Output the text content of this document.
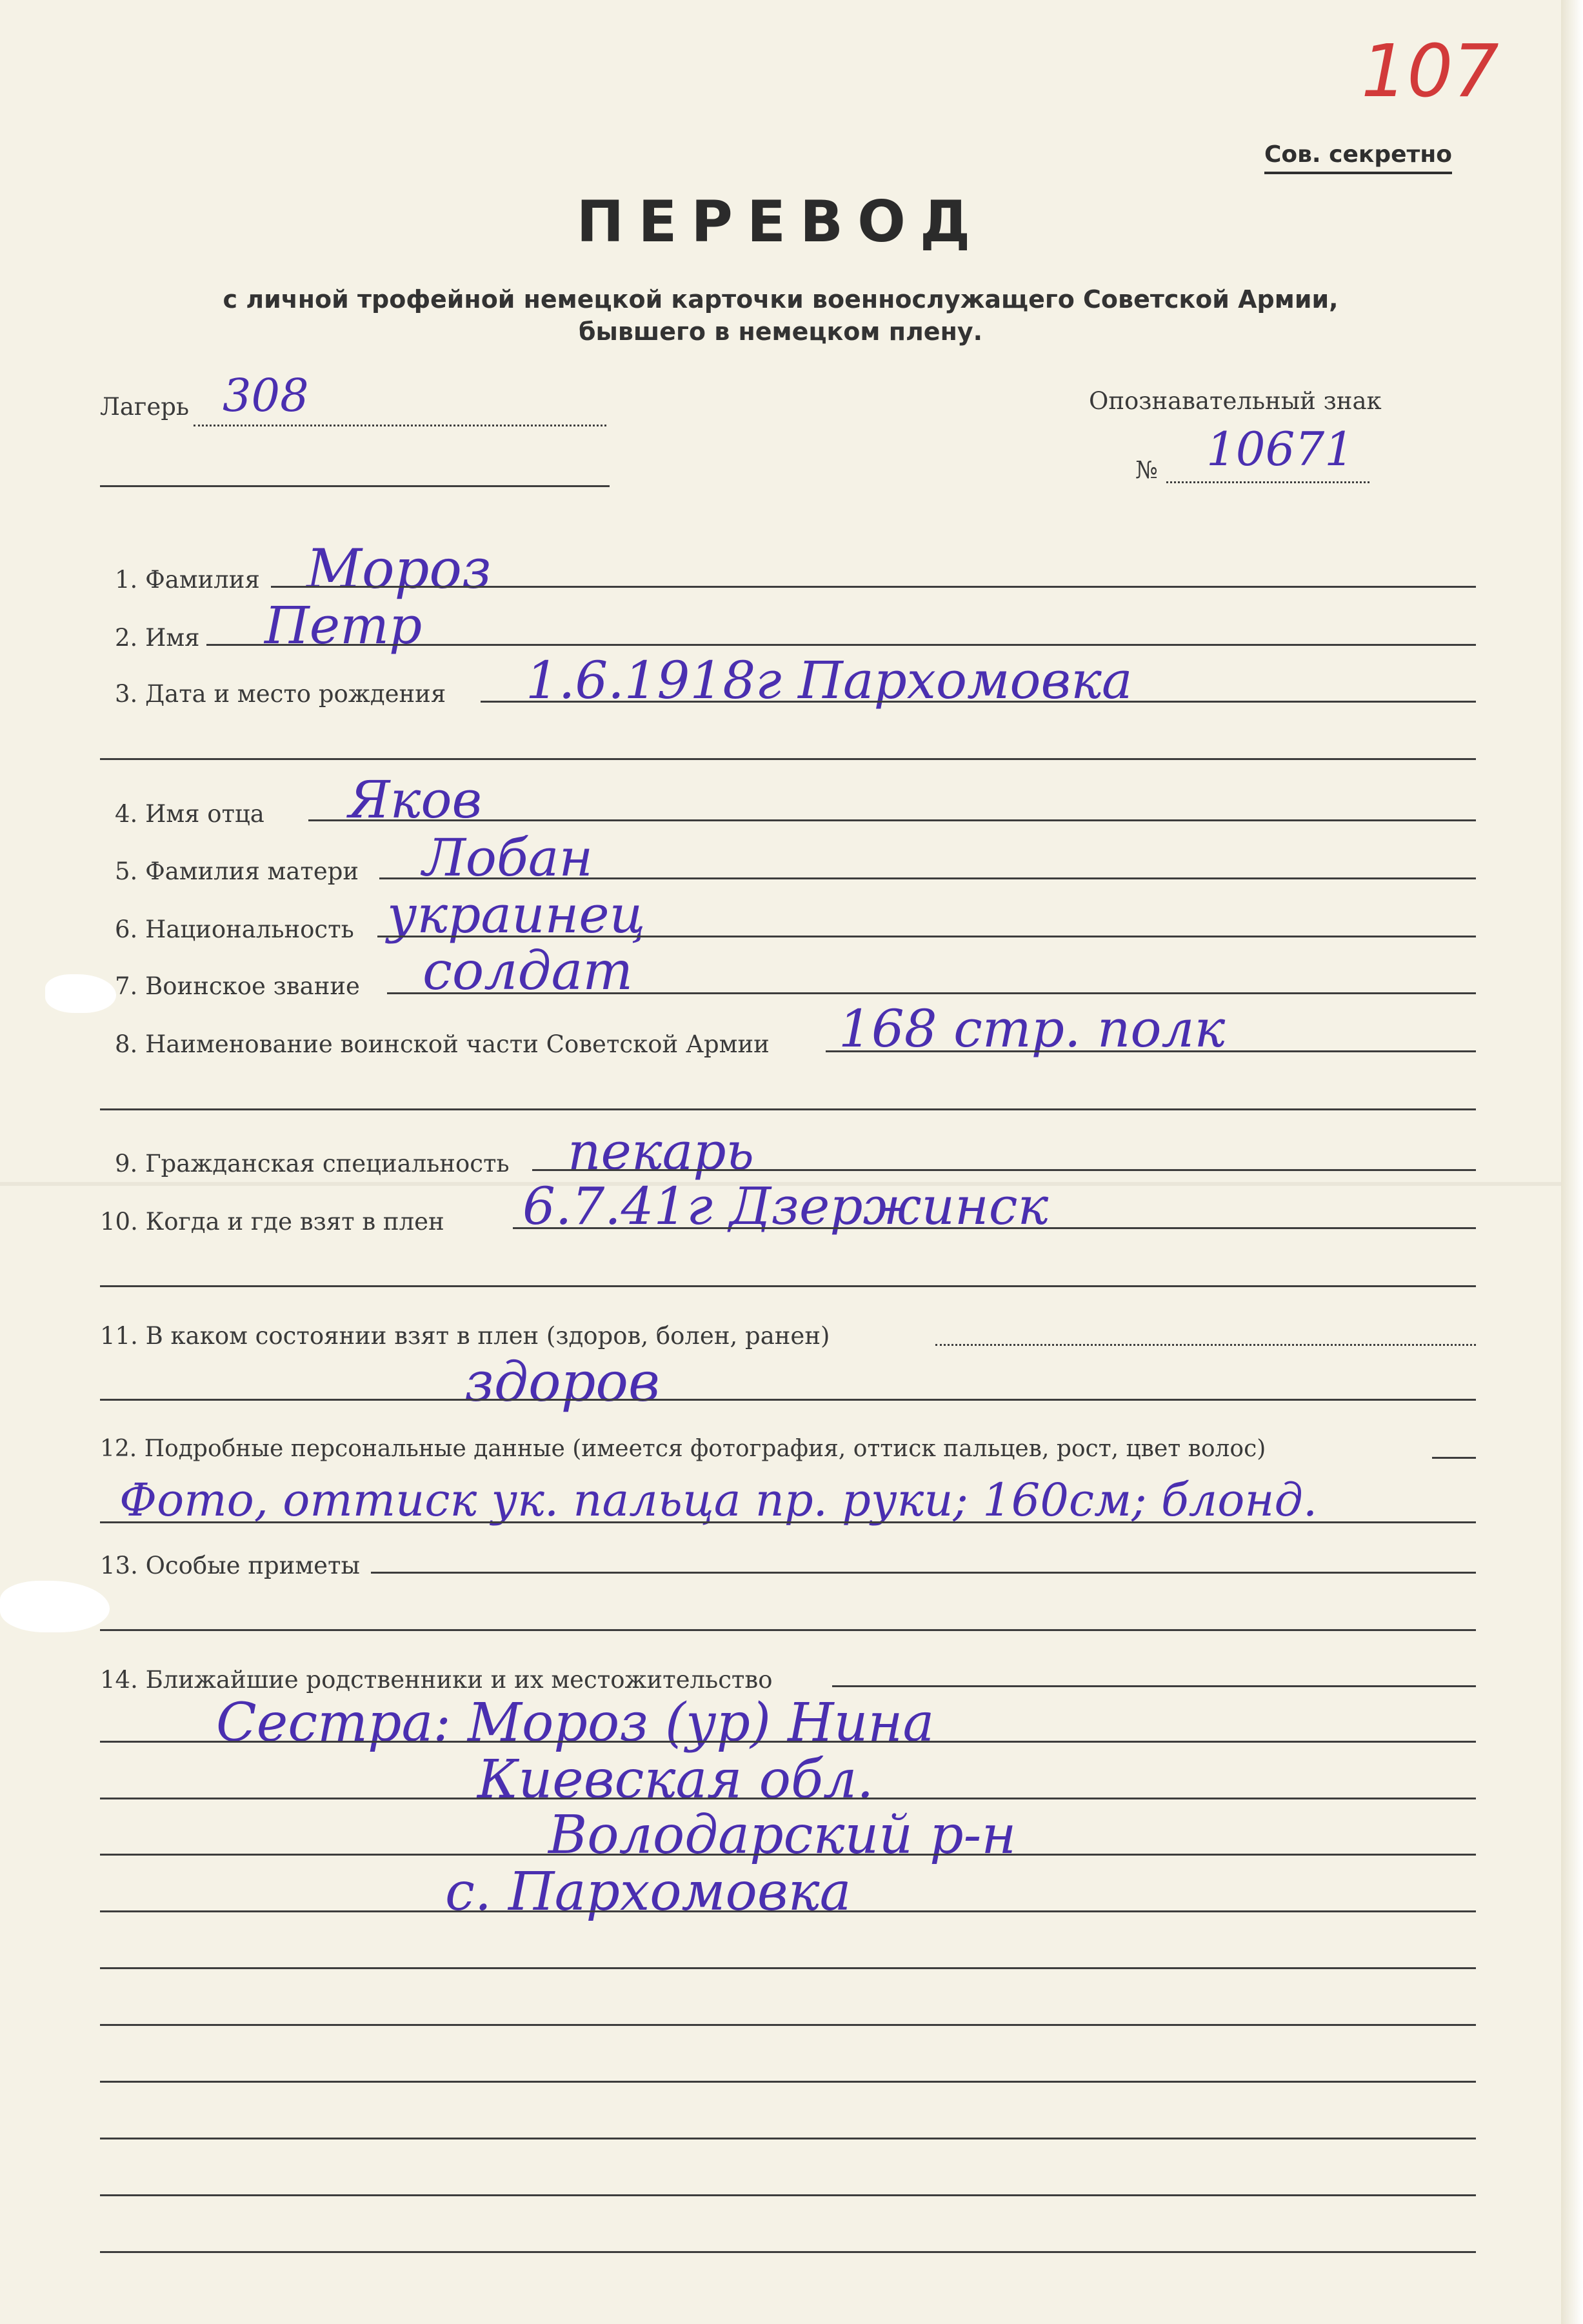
107
Сов. секретно
ПЕРЕВОД
с личной трофейной немецкой карточки военнослужащего Советской Армии,
бывшего в немецком плену.
Лагерь 308	Опознавательный знак
№ 10671
1. Фамилия Мороз
2. Имя Петр
3. Дата и место рождения 1.6.1918г Пархомовка
4. Имя отца Яков
5. Фамилия матери Лобан
6. Национальность украинец
7. Воинское звание солдат
8. Наименование воинской части Советской Армии 168 стр. полк
9. Гражданская специальность пекарь
10. Когда и где взят в плен 6.7.41г Дзержинск
11. В каком состоянии взят в плен (здоров, болен, ранен)
здоров
12. Подробные персональные данные (имеется фотография, оттиск пальцев, рост, цвет волос)
Фото, оттиск ук. пальца пр. руки; 160см; блонд.
13. Особые приметы
14. Ближайшие родственники и их местожительство
Сестра: Мороз (ур) Нина
Киевская обл.
Володарский р-н
с. Пархомовка
